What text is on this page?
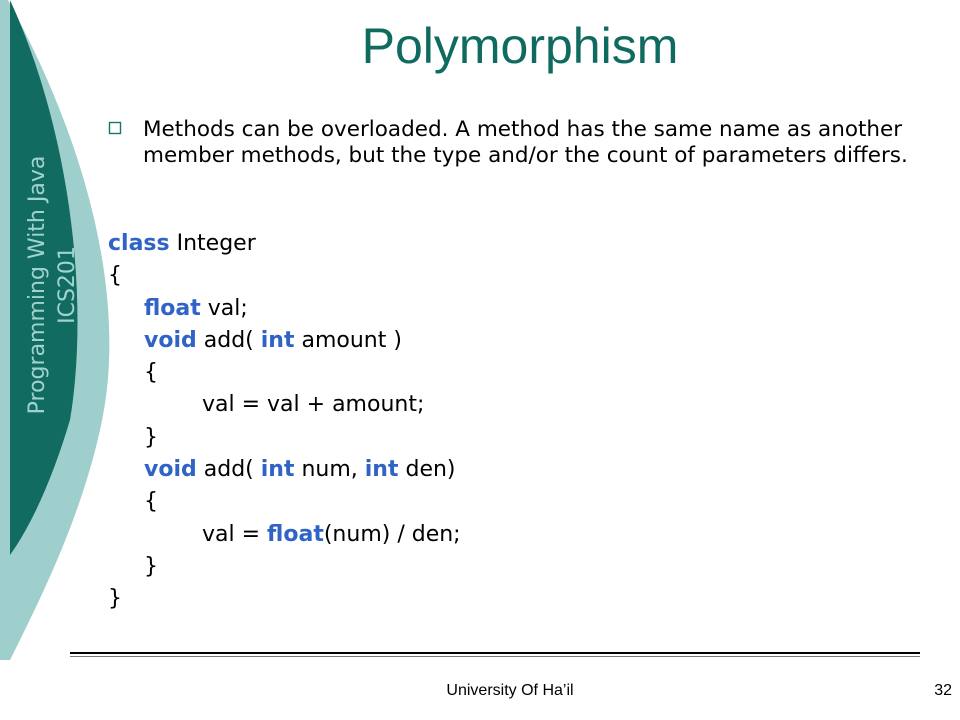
Programming With Java ICS201
Polymorphism
Methods can be overloaded. A method has the same name as another member methods, but the type and/or the count of parameters differs.
class Integer
{
float val;
void add( int amount )
{
val = val + amount;
}
void add( int num, int den)
{
val = float(num) / den;
}
}
University Of Ha’il	32
